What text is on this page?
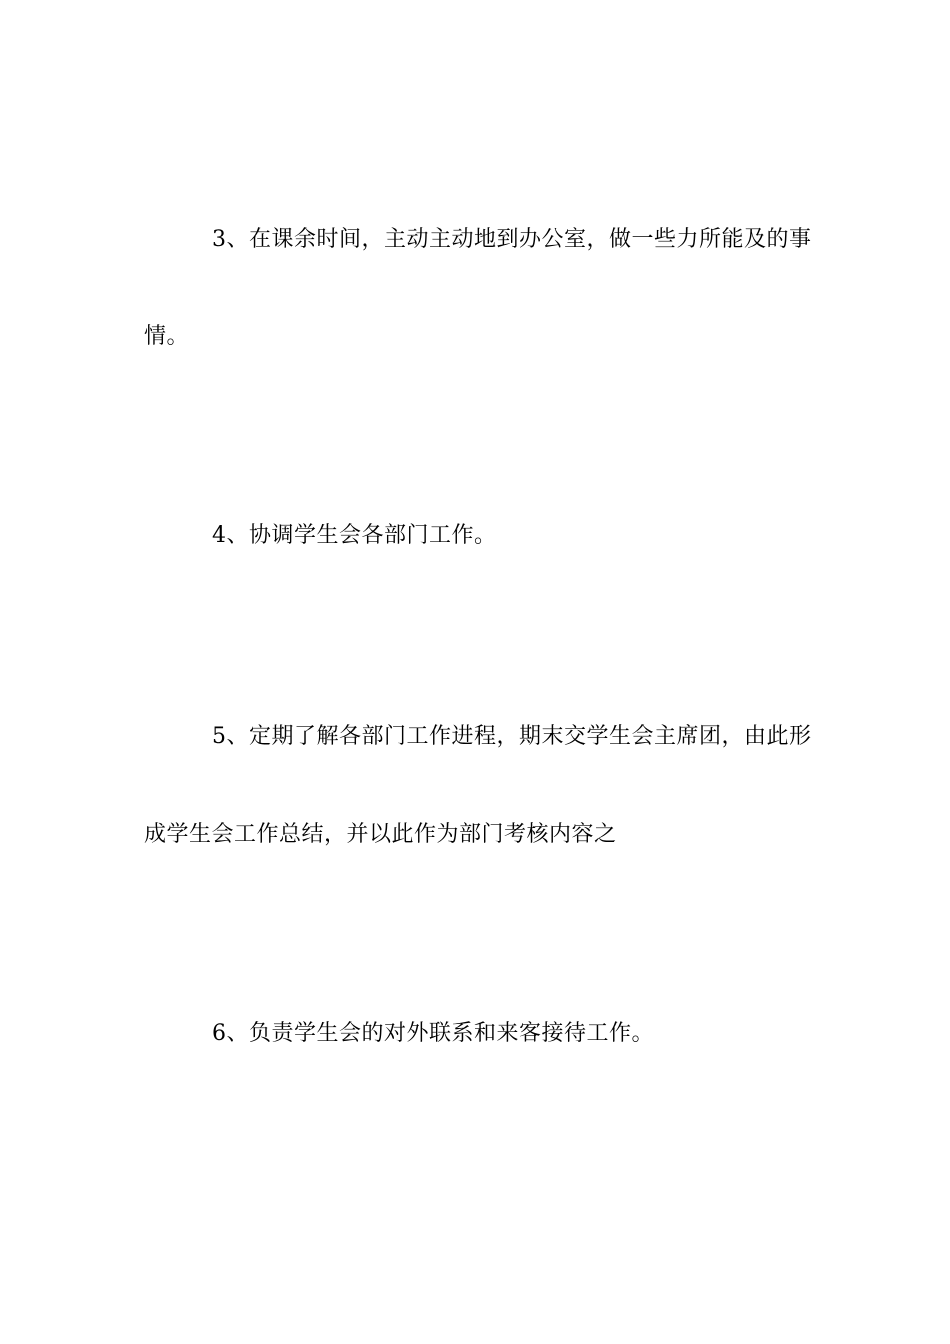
3、在课余时间，主动主动地到办公室，做一些力所能及的事
情。
4、协调学生会各部门工作。
5、定期了解各部门工作进程，期末交学生会主席团，由此形
成学生会工作总结，并以此作为部门考核内容之
6、负责学生会的对外联系和来客接待工作。
